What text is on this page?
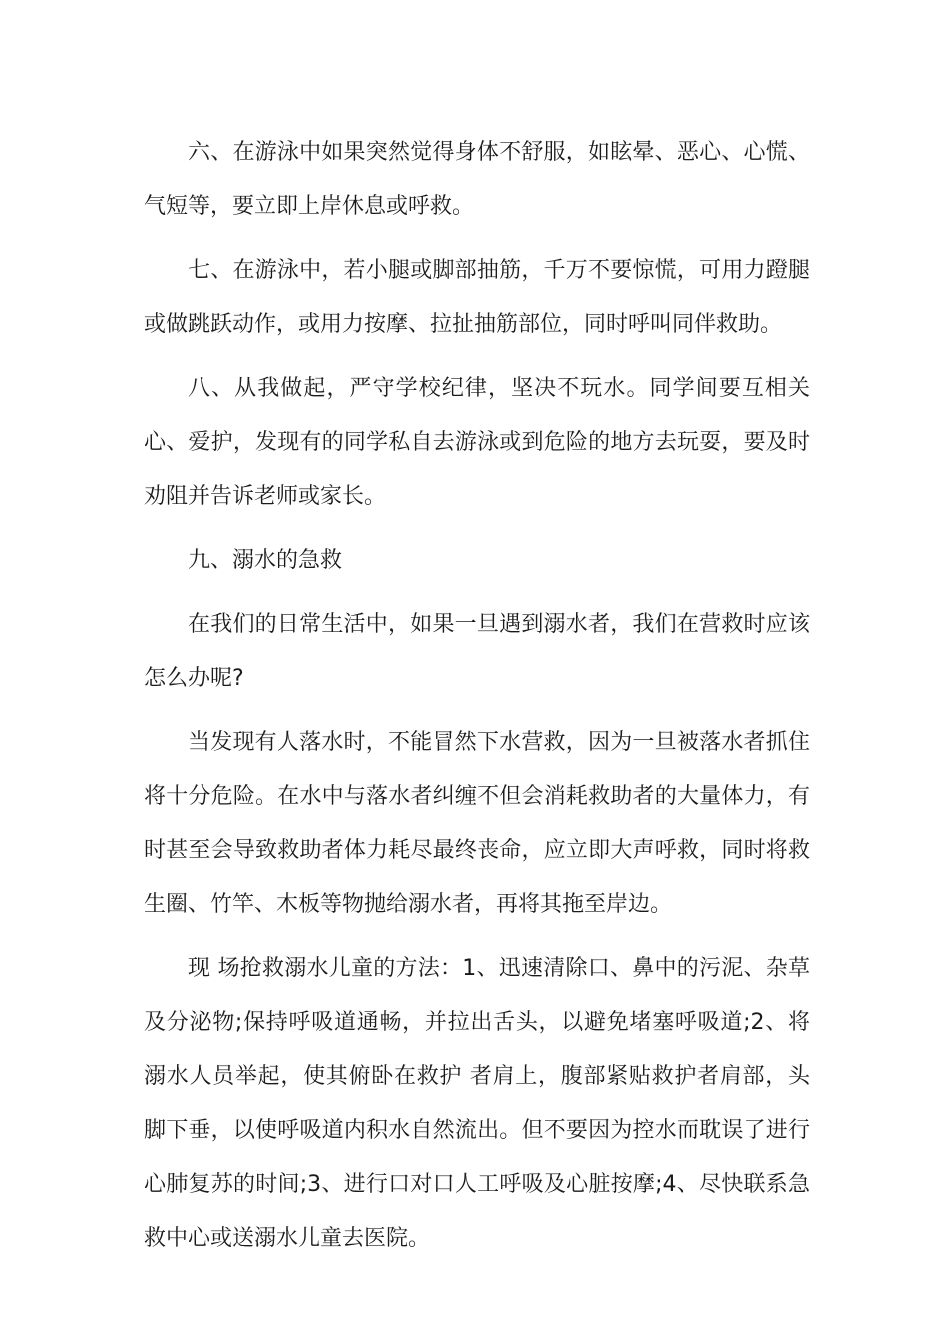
六、在游泳中如果突然觉得身体不舒服，如眩晕、恶心、心慌、气短等，要立即上岸休息或呼救。

七、在游泳中，若小腿或脚部抽筋，千万不要惊慌，可用力蹬腿或做跳跃动作，或用力按摩、拉扯抽筋部位，同时呼叫同伴救助。

八、从我做起，严守学校纪律，坚决不玩水。同学间要互相关心、爱护，发现有的同学私自去游泳或到危险的地方去玩耍，要及时劝阻并告诉老师或家长。

九、溺水的急救

在我们的日常生活中，如果一旦遇到溺水者，我们在营救时应该怎么办呢?

当发现有人落水时，不能冒然下水营救，因为一旦被落水者抓住将十分危险。在水中与落水者纠缠不但会消耗救助者的大量体力，有时甚至会导致救助者体力耗尽最终丧命，应立即大声呼救，同时将救生圈、竹竿、木板等物抛给溺水者，再将其拖至岸边。

现 场抢救溺水儿童的方法：1、迅速清除口、鼻中的污泥、杂草及分泌物;保持呼吸道通畅，并拉出舌头，以避免堵塞呼吸道;2、将溺水人员举起，使其俯卧在救护 者肩上，腹部紧贴救护者肩部，头脚下垂，以使呼吸道内积水自然流出。但不要因为控水而耽误了进行心肺复苏的时间;3、进行口对口人工呼吸及心脏按摩;4、尽快联系急救中心或送溺水儿童去医院。
